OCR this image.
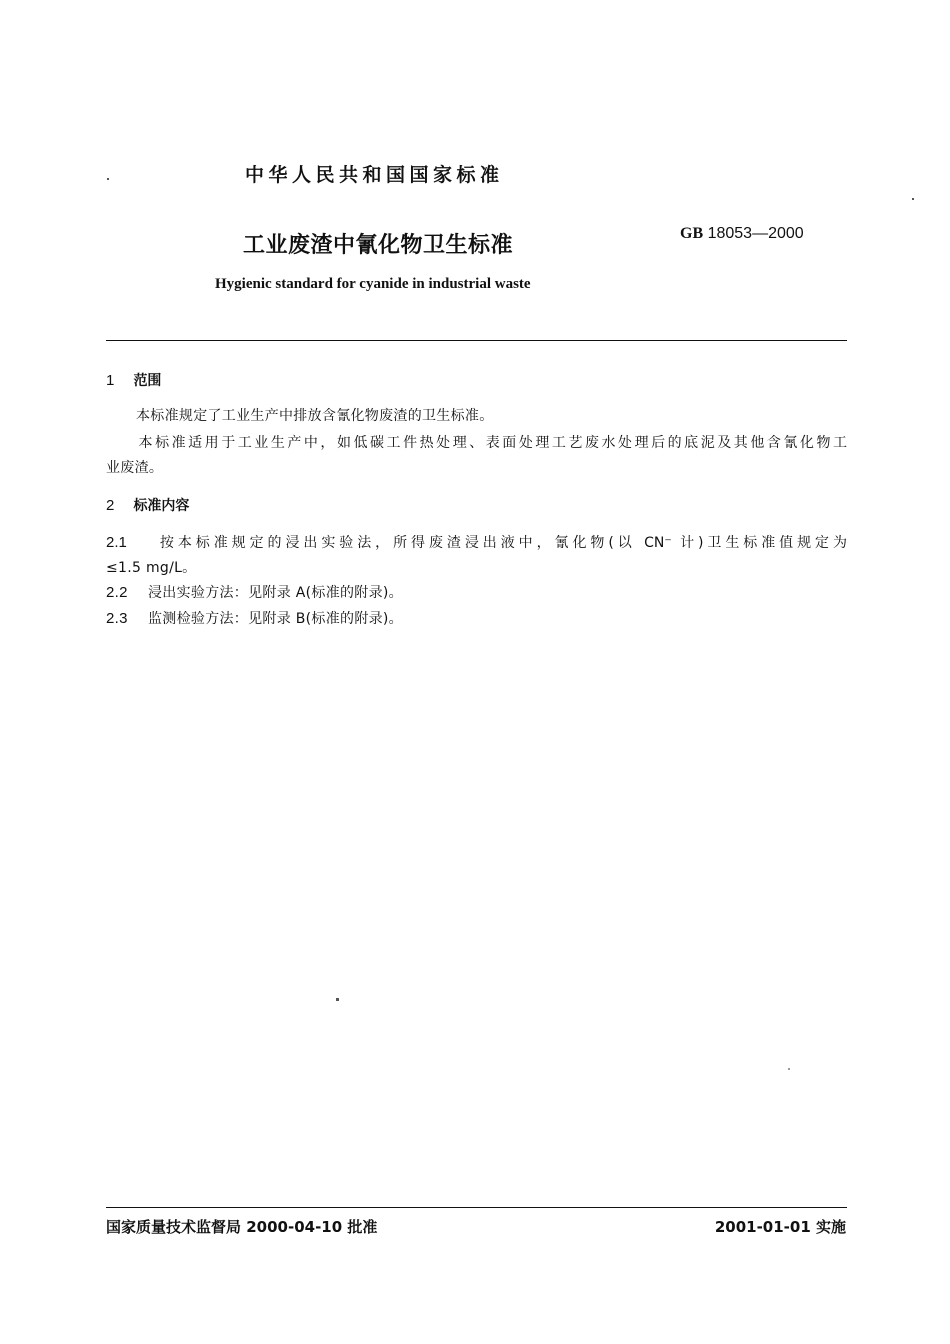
中华人民共和国国家标准
工业废渣中氰化物卫生标准	GB 18053—2000
Hygienic standard for cyanide in industrial waste
1 范围
本标准规定了工业生产中排放含氰化物废渣的卫生标准。
本标准适用于工业生产中，如低碳工件热处理、表面处理工艺废水处理后的底泥及其他含氰化物工
业废渣。
2 标准内容
2.1 按本标准规定的浸出实验法，所得废渣浸出液中，氰化物(以 CN⁻ 计)卫生标准值规定为
≤1.5 mg/L。
2.2 浸出实验方法：见附录 A(标准的附录)。
2.3 监测检验方法：见附录 B(标准的附录)。
国家质量技术监督局 2000-04-10 批准	2001-01-01 实施
